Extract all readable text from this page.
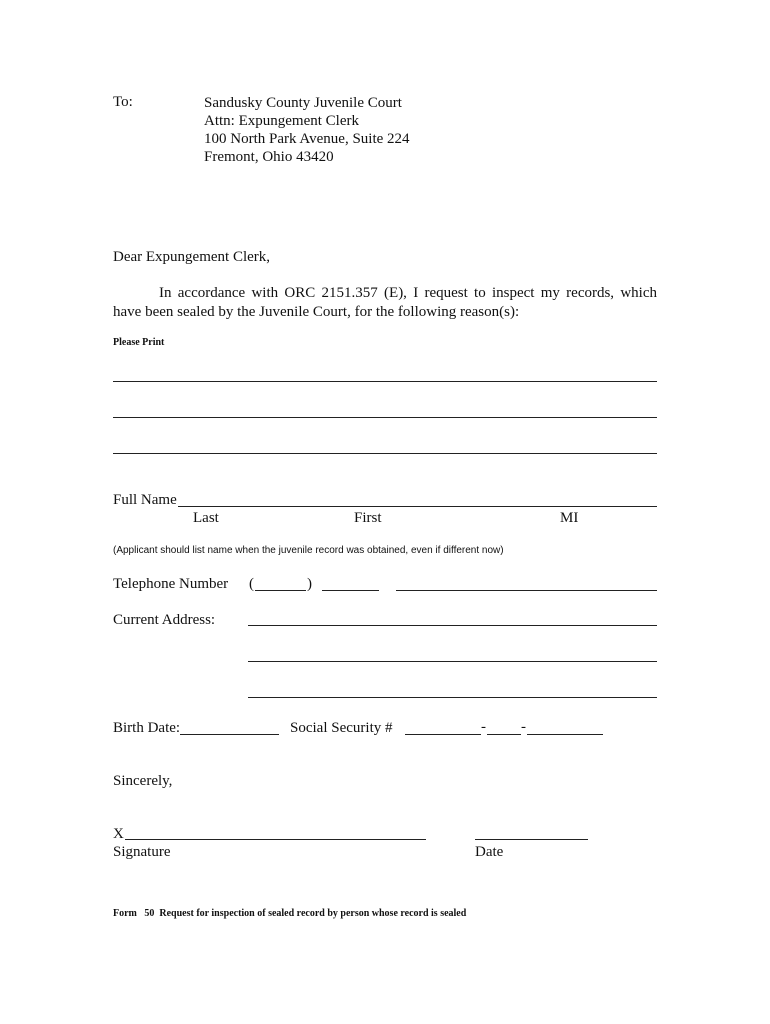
To:	Sandusky County Juvenile Court
Attn: Expungement Clerk
100 North Park Avenue, Suite 224
Fremont, Ohio 43420
Dear Expungement Clerk,
In accordance with ORC 2151.357 (E), I request to inspect my records, which have been sealed by the Juvenile Court, for the following reason(s):
Please Print
Full Name
Last	First	MI
(Applicant should list name when the juvenile record was obtained, even if different now)
Telephone Number (	)
Current Address:
Birth Date:	Social Security #	- -
Sincerely,
X
Signature	Date
Form   50  Request for inspection of sealed record by person whose record is sealed
